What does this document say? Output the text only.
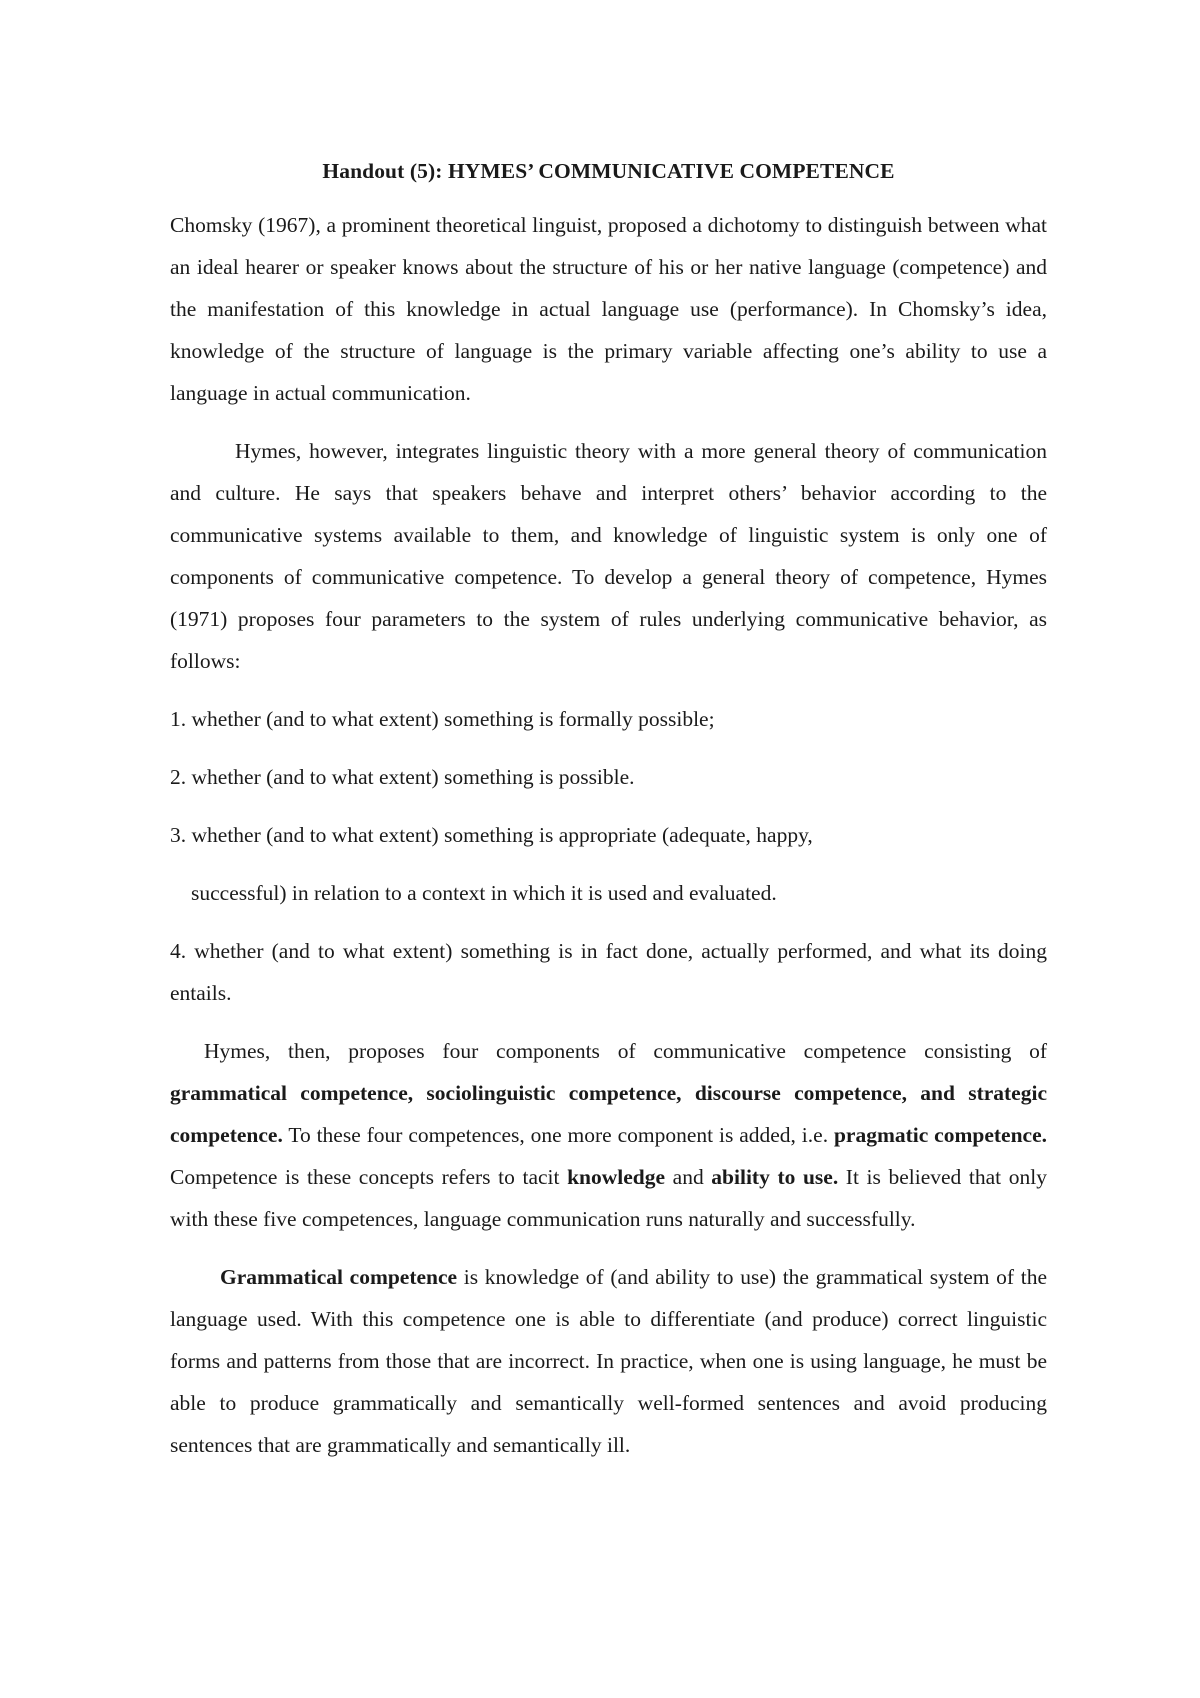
Handout (5): HYMES’ COMMUNICATIVE COMPETENCE

Chomsky (1967), a prominent theoretical linguist, proposed a dichotomy to distinguish between what an ideal hearer or speaker knows about the structure of his or her native language (competence) and the manifestation of this knowledge in actual language use (performance). In Chomsky’s idea, knowledge of the structure of language is the primary variable affecting one’s ability to use a language in actual communication.

Hymes, however, integrates linguistic theory with a more general theory of communication and culture. He says that speakers behave and interpret others’ behavior according to the communicative systems available to them, and knowledge of linguistic system is only one of components of communicative competence. To develop a general theory of competence, Hymes (1971) proposes four parameters to the system of rules underlying communicative behavior, as follows:

1. whether (and to what extent) something is formally possible;
2. whether (and to what extent) something is possible.
3. whether (and to what extent) something is appropriate (adequate, happy,
successful) in relation to a context in which it is used and evaluated.
4. whether (and to what extent) something is in fact done, actually performed, and what its doing entails.

Hymes, then, proposes four components of communicative competence consisting of grammatical competence, sociolinguistic competence, discourse competence, and strategic competence. To these four competences, one more component is added, i.e. pragmatic competence. Competence is these concepts refers to tacit knowledge and ability to use. It is believed that only with these five competences, language communication runs naturally and successfully.

Grammatical competence is knowledge of (and ability to use) the grammatical system of the language used. With this competence one is able to differentiate (and produce) correct linguistic forms and patterns from those that are incorrect. In practice, when one is using language, he must be able to produce grammatically and semantically well-formed sentences and avoid producing sentences that are grammatically and semantically ill.
